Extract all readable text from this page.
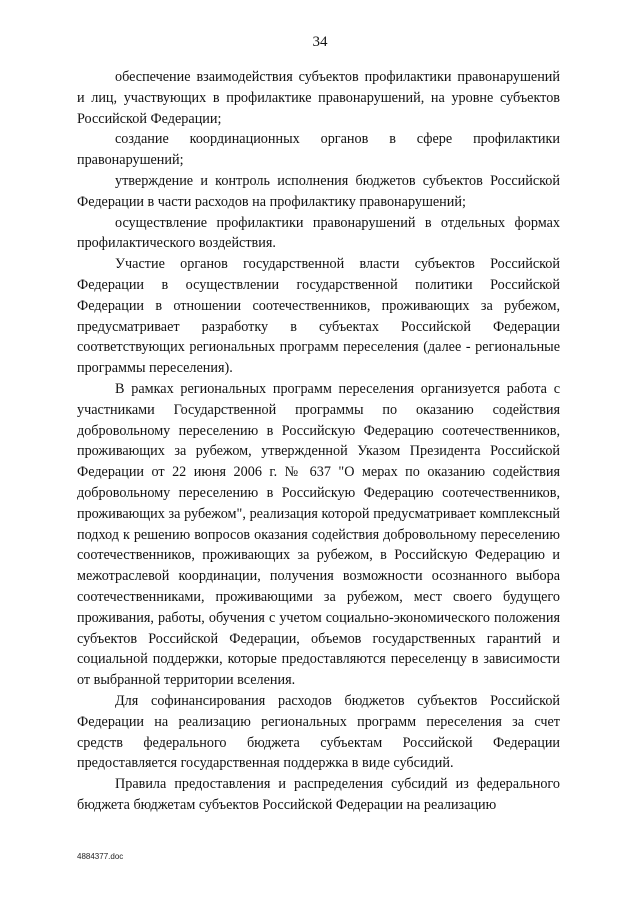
34

обеспечение взаимодействия субъектов профилактики правонарушений и лиц, участвующих в профилактике правонарушений, на уровне субъектов Российской Федерации;

создание координационных органов в сфере профилактики правонарушений;

утверждение и контроль исполнения бюджетов субъектов Российской Федерации в части расходов на профилактику правонарушений;

осуществление профилактики правонарушений в отдельных формах профилактического воздействия.

Участие органов государственной власти субъектов Российской Федерации в осуществлении государственной политики Российской Федерации в отношении соотечественников, проживающих за рубежом, предусматривает разработку в субъектах Российской Федерации соответствующих региональных программ переселения (далее - региональные программы переселения).

В рамках региональных программ переселения организуется работа с участниками Государственной программы по оказанию содействия добровольному переселению в Российскую Федерацию соотечественников, проживающих за рубежом, утвержденной Указом Президента Российской Федерации от 22 июня 2006 г. № 637 "О мерах по оказанию содействия добровольному переселению в Российскую Федерацию соотечественников, проживающих за рубежом", реализация которой предусматривает комплексный подход к решению вопросов оказания содействия добровольному переселению соотечественников, проживающих за рубежом, в Российскую Федерацию и межотраслевой координации, получения возможности осознанного выбора соотечественниками, проживающими за рубежом, мест своего будущего проживания, работы, обучения с учетом социально-экономического положения субъектов Российской Федерации, объемов государственных гарантий и социальной поддержки, которые предоставляются переселенцу в зависимости от выбранной территории вселения.

Для софинансирования расходов бюджетов субъектов Российской Федерации на реализацию региональных программ переселения за счет средств федерального бюджета субъектам Российской Федерации предоставляется государственная поддержка в виде субсидий.

Правила предоставления и распределения субсидий из федерального бюджета бюджетам субъектов Российской Федерации на реализацию

4884377.doc
